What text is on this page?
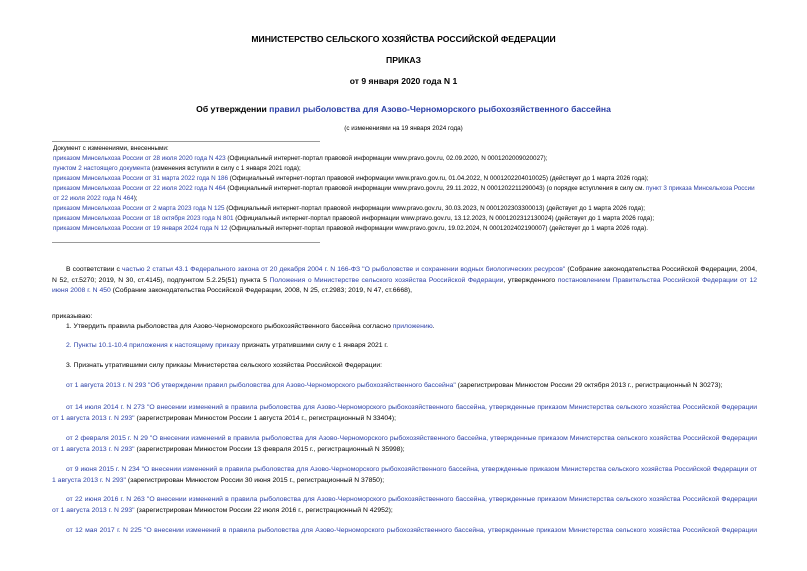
МИНИСТЕРСТВО СЕЛЬСКОГО ХОЗЯЙСТВА РОССИЙСКОЙ ФЕДЕРАЦИИ
ПРИКАЗ
от 9 января 2020 года N 1
Об утверждении правил рыболовства для Азово-Черноморского рыбохозяйственного бассейна
(с изменениями на 19 января 2024 года)
Документ с изменениями, внесенными:
приказом Минсельхоза России от 28 июля 2020 года N 423 (Официальный интернет-портал правовой информации www.pravo.gov.ru, 02.09.2020, N 0001202009020027);
пунктом 2 настоящего документа (изменения вступили в силу с 1 января 2021 года);
приказом Минсельхоза России от 31 марта 2022 года N 186 (Официальный интернет-портал правовой информации www.pravo.gov.ru, 01.04.2022, N 0001202204010025) (действует до 1 марта 2026 года);
приказом Минсельхоза России от 22 июля 2022 года N 464 (Официальный интернет-портал правовой информации www.pravo.gov.ru, 29.11.2022, N 0001202211290043) (о порядке вступления в силу см. пункт 3 приказа Минсельхоза России от 22 июля 2022 года N 464);
приказом Минсельхоза России от 2 марта 2023 года N 125 (Официальный интернет-портал правовой информации www.pravo.gov.ru, 30.03.2023, N 0001202303300013) (действует до 1 марта 2026 года);
приказом Минсельхоза России от 18 октября 2023 года N 801 (Официальный интернет-портал правовой информации www.pravo.gov.ru, 13.12.2023, N 0001202312130024) (действует до 1 марта 2026 года);
приказом Минсельхоза России от 19 января 2024 года N 12 (Официальный интернет-портал правовой информации www.pravo.gov.ru, 19.02.2024, N 0001202402190007) (действует до 1 марта 2026 года).
В соответствии с частью 2 статьи 43.1 Федерального закона от 20 декабря 2004 г. N 166-ФЗ "О рыболовстве и сохранении водных биологических ресурсов" (Собрание законодательства Российской Федерации, 2004, N 52, ст.5270; 2019, N 30, ст.4145), подпунктом 5.2.25(51) пункта 5 Положения о Министерстве сельского хозяйства Российской Федерации, утвержденного постановлением Правительства Российской Федерации от 12 июня 2008 г. N 450 (Собрание законодательства Российской Федерации, 2008, N 25, ст.2983; 2019, N 47, ст.6668),
приказываю:
1. Утвердить правила рыболовства для Азово-Черноморского рыбохозяйственного бассейна согласно приложению.
2. Пункты 10.1-10.4 приложения к настоящему приказу признать утратившими силу с 1 января 2021 г.
3. Признать утратившими силу приказы Министерства сельского хозяйства Российской Федерации:
от 1 августа 2013 г. N 293 "Об утверждении правил рыболовства для Азово-Черноморского рыбохозяйственного бассейна" (зарегистрирован Минюстом России 29 октября 2013 г., регистрационный N 30273);
от 14 июля 2014 г. N 273 "О внесении изменений в правила рыболовства для Азово-Черноморского рыбохозяйственного бассейна, утвержденные приказом Министерства сельского хозяйства Российской Федерации от 1 августа 2013 г. N 293" (зарегистрирован Минюстом России 1 августа 2014 г., регистрационный N 33404);
от 2 февраля 2015 г. N 29 "О внесении изменений в правила рыболовства для Азово-Черноморского рыбохозяйственного бассейна, утвержденные приказом Министерства сельского хозяйства Российской Федерации от 1 августа 2013 г. N 293" (зарегистрирован Минюстом России 13 февраля 2015 г., регистрационный N 35998);
от 9 июня 2015 г. N 234 "О внесении изменений в правила рыболовства для Азово-Черноморского рыбохозяйственного бассейна, утвержденные приказом Министерства сельского хозяйства Российской Федерации от 1 августа 2013 г. N 293" (зарегистрирован Минюстом России 30 июня 2015 г., регистрационный N 37850);
от 22 июня 2016 г. N 263 "О внесении изменений в правила рыболовства для Азово-Черноморского рыбохозяйственного бассейна, утвержденные приказом Министерства сельского хозяйства Российской Федерации от 1 августа 2013 г. N 293" (зарегистрирован Минюстом России 22 июля 2016 г., регистрационный N 42952);
от 12 мая 2017 г. N 225 "О внесении изменений в правила рыболовства для Азово-Черноморского рыбохозяйственного бассейна, утвержденные приказом Министерства сельского хозяйства Российской Федерации
